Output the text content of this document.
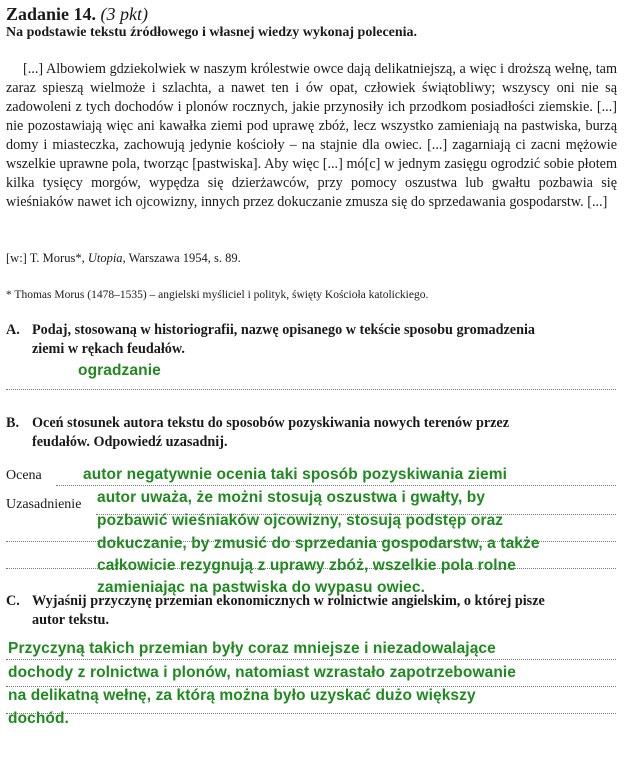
Zadanie 14. (3 pkt)
Na podstawie tekstu źródłowego i własnej wiedzy wykonaj polecenia.
[...] Albowiem gdziekolwiek w naszym królestwie owce dają delikatniejszą, a więc i droższą wełnę, tam zaraz spieszą wielmoże i szlachta, a nawet ten i ów opat, człowiek świątobliwy; wszyscy oni nie są zadowoleni z tych dochodów i plonów rocznych, jakie przynosiły ich przodkom posiadłości ziemskie. [...] nie pozostawiają więc ani kawałka ziemi pod uprawę zbóż, lecz wszystko zamieniają na pastwiska, burzą domy i miasteczka, zachowują jedynie kościoły – na stajnie dla owiec. [...] zagarniają ci zacni mężowie wszelkie uprawne pola, tworząc [pastwiska]. Aby więc [...] mó[c] w jednym zasięgu ogrodzić sobie płotem kilka tysięcy morgów, wypędza się dzierżawców, przy pomocy oszustwa lub gwałtu pozbawia się wieśniaków nawet ich ojcowizny, innych przez dokuczanie zmusza się do sprzedawania gospodarstw. [...]
[w:] T. Morus*, Utopia, Warszawa 1954, s. 89.
* Thomas Morus (1478–1535) – angielski myśliciel i polityk, święty Kościoła katolickiego.
A. Podaj, stosowaną w historiografii, nazwę opisanego w tekście sposobu gromadzenia
ziemi w rękach feudałów.
ogradzanie
B. Oceń stosunek autora tekstu do sposobów pozyskiwania nowych terenów przez
feudałów. Odpowiedź uzasadnij.
Ocena	autor negatywnie ocenia taki sposób pozyskiwania ziemi
Uzasadnienie autor uważa, że możni stosują oszustwa i gwałty, by
pozbawić wieśniaków ojcowizny, stosują podstęp oraz
dokuczanie, by zmusić do sprzedania gospodarstw, a także
całkowicie rezygnują z uprawy zbóż, wszelkie pola rolne
C. Wyjaśnij przyczynę przemian ekonomicznych w rolnictwie angielskim, o której pisze
autor tekstu.
zamieniając na pastwiska do wypasu owiec.
Przyczyną takich przemian były coraz mniejsze i niezadowalające
dochody z rolnictwa i plonów, natomiast wzrastało zapotrzebowanie
na delikatną wełnę, za którą można było uzyskać dużo większy
dochód.
